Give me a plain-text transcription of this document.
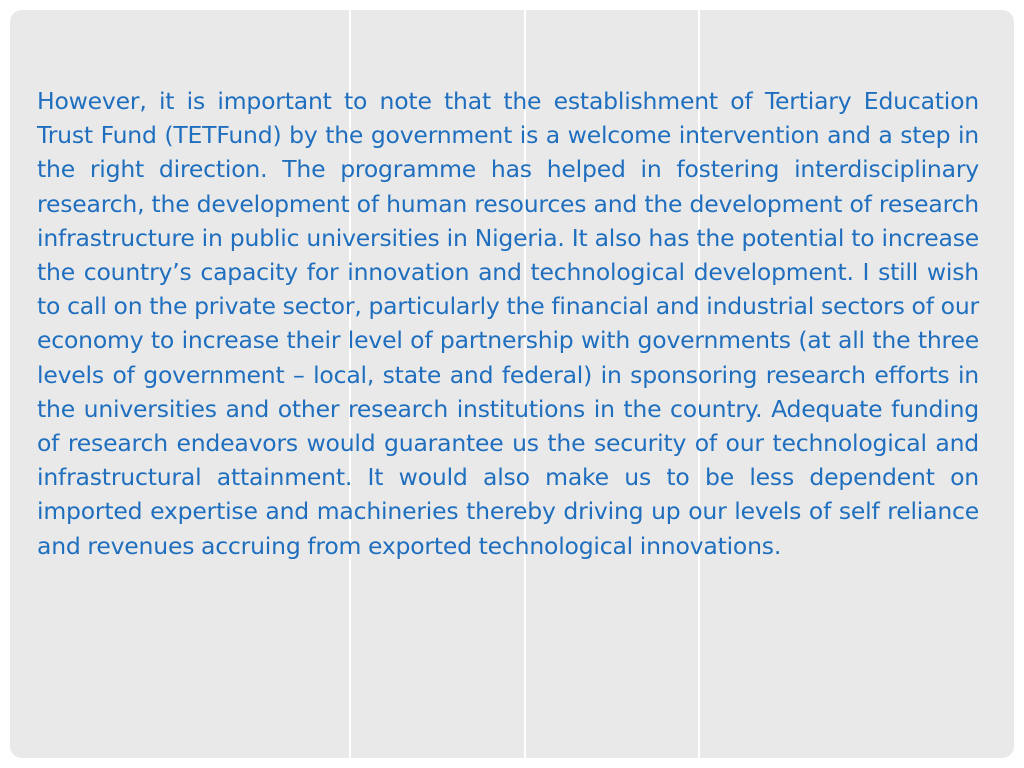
However, it is important to note that the establishment of Tertiary Education Trust Fund (TETFund) by the government is a welcome intervention and a step in the right direction. The programme has helped in fostering interdisciplinary research, the development of human resources and the development of research infrastructure in public universities in Nigeria. It also has the potential to increase the country’s capacity for innovation and technological development. I still wish to call on the private sector, particularly the financial and industrial sectors of our economy to increase their level of partnership with governments (at all the three levels of government – local, state and federal) in sponsoring research efforts in the universities and other research institutions in the country. Adequate funding of research endeavors would guarantee us the security of our technological and infrastructural attainment. It would also make us to be less dependent on imported expertise and machineries thereby driving up our levels of self reliance and revenues accruing from exported technological innovations.
